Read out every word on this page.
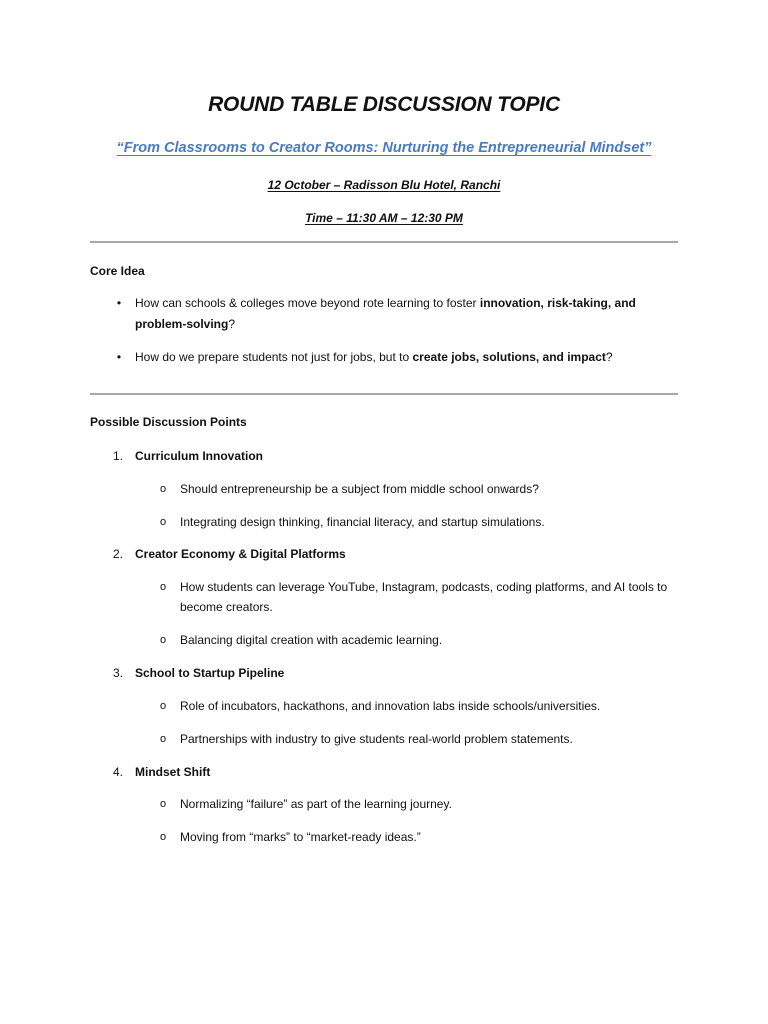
ROUND TABLE DISCUSSION TOPIC
“From Classrooms to Creator Rooms: Nurturing the Entrepreneurial Mindset”
12 October – Radisson Blu Hotel, Ranchi
Time – 11:30 AM – 12:30 PM
Core Idea
•	How can schools & colleges move beyond rote learning to foster innovation, risk-taking, and problem-solving?
•	How do we prepare students not just for jobs, but to create jobs, solutions, and impact?
Possible Discussion Points
1. Curriculum Innovation
o Should entrepreneurship be a subject from middle school onwards?
o Integrating design thinking, financial literacy, and startup simulations.
2. Creator Economy & Digital Platforms
o How students can leverage YouTube, Instagram, podcasts, coding platforms, and AI tools to become creators.
o Balancing digital creation with academic learning.
3. School to Startup Pipeline
o Role of incubators, hackathons, and innovation labs inside schools/universities.
o Partnerships with industry to give students real-world problem statements.
4. Mindset Shift
o Normalizing “failure” as part of the learning journey.
o Moving from “marks” to “market-ready ideas.”
